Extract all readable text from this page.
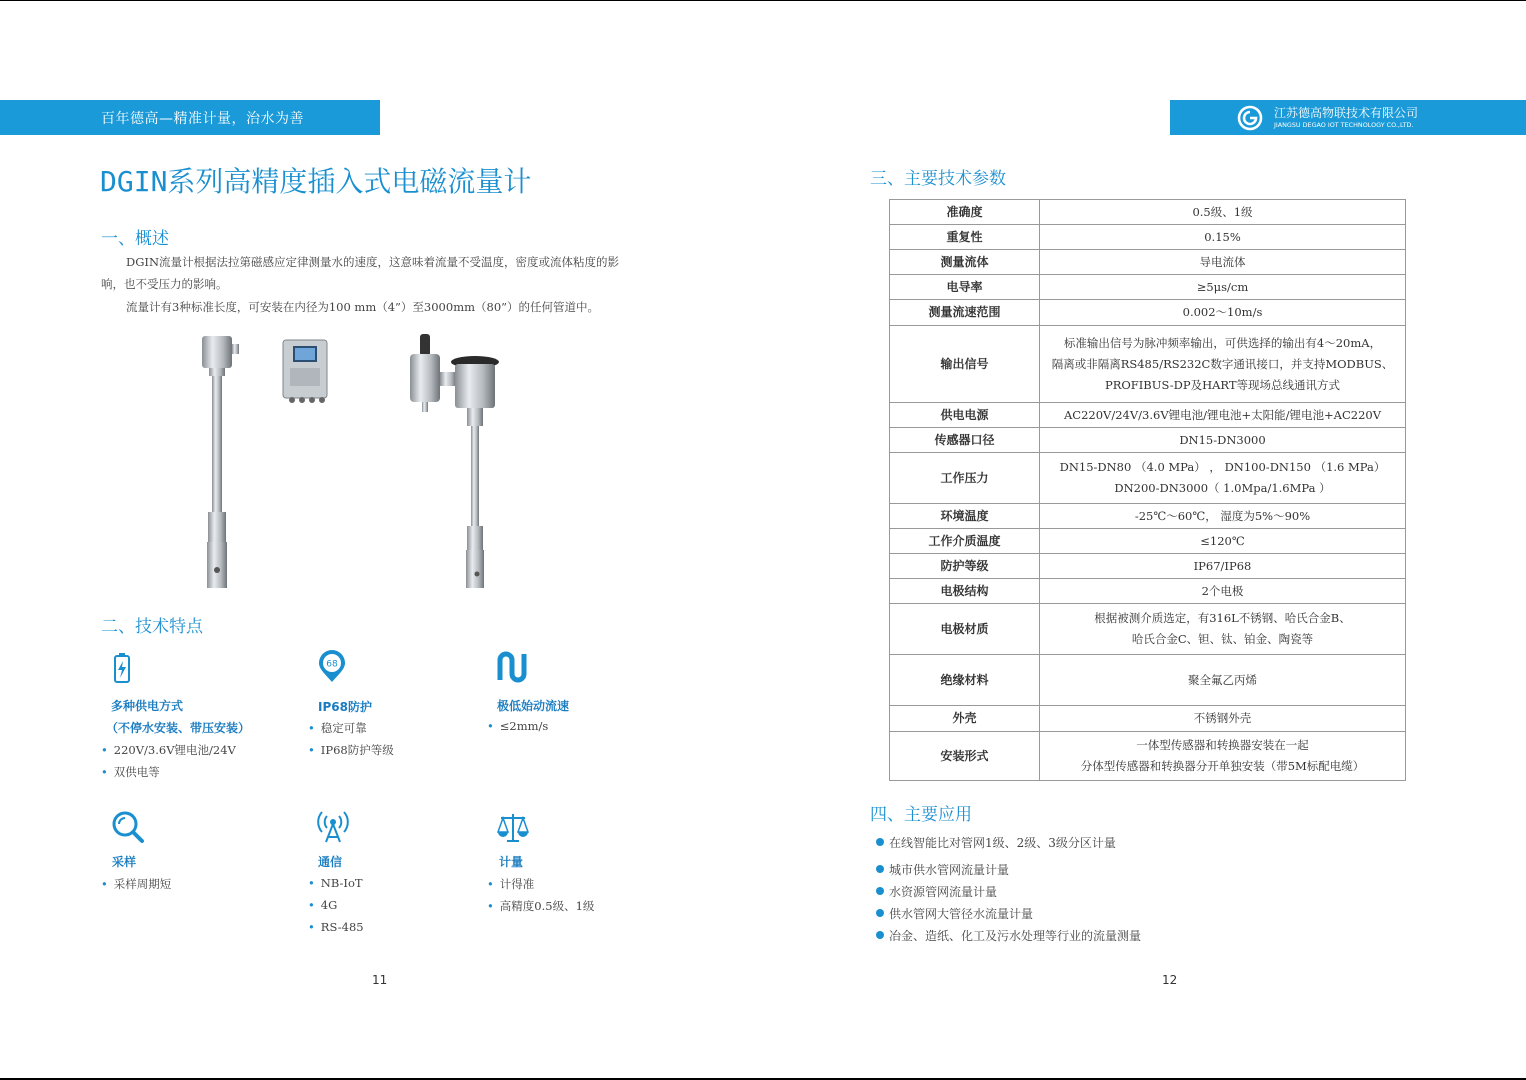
百年德高—精准计量，治水为善	江苏德高物联技术有限公司
JIANGSU DEGAO IOT TECHNOLOGY CO.,LTD.
DGIN系列高精度插入式电磁流量计
一、概述
DGIN流量计根据法拉第磁感应定律测量水的速度，这意味着流量不受温度，密度或流体粘度的影
响，也不受压力的影响。
流量计有3种标准长度，可安装在内径为100 mm（4”）至3000mm（80”）的任何管道中。
二、技术特点
多种供电方式
（不停水安装、带压安装）
• 220V/3.6V锂电池/24V
• 双供电等
68
IP68防护
• 稳定可靠
• IP68防护等级
极低始动流速
• ≤2mm/s
采样
• 采样周期短
通信
• NB-IoT
• 4G
• RS-485
计量
• 计得准
• 高精度0.5级、1级
11
三、主要技术参数
准确度	0.5级、1级

重复性	0.15%

测量流体	导电流体

电导率	≥5μs/cm

测量流速范围	0.002～10m/s

输出信号	标准输出信号为脉冲频率输出，可供选择的输出有4～20mA，
隔离或非隔离RS485/RS232C数字通讯接口，并支持MODBUS、
PROFIBUS-DP及HART等现场总线通讯方式

供电电源	AC220V/24V/3.6V锂电池/锂电池+太阳能/锂电池+AC220V

传感器口径	DN15-DN3000

工作压力	DN15-DN80 （4.0 MPa） ， DN100-DN150 （1.6 MPa）
DN200-DN3000（ 1.0Mpa/1.6MPa ）

环境温度	-25℃～60℃， 湿度为5%～90%

工作介质温度	≤120℃

防护等级	IP67/IP68

电极结构	2个电极

电极材质	根据被测介质选定，有316L不锈钢、哈氏合金B、
哈氏合金C、钽、钛、铂金、陶瓷等

绝缘材料	聚全氟乙丙烯

外壳	不锈钢外壳

安装形式	一体型传感器和转换器安装在一起
分体型传感器和转换器分开单独安装（带5M标配电缆）
四、主要应用
在线智能比对管网1级、2级、3级分区计量
城市供水管网流量计量
水资源管网流量计量
供水管网大管径水流量计量
冶金、造纸、化工及污水处理等行业的流量测量
12
